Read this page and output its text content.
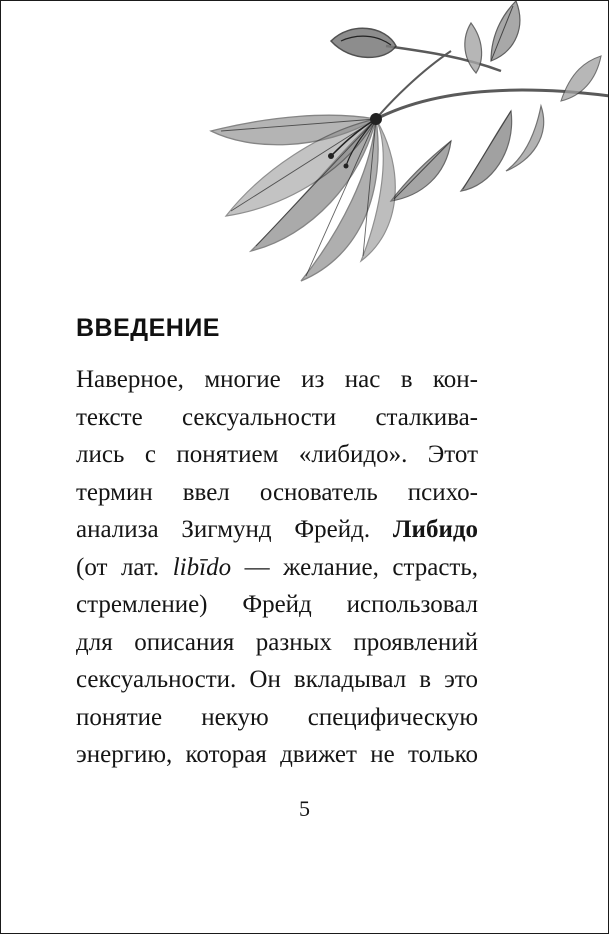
ВВЕДЕНИЕ
Наверное, многие из нас в кон-
тексте сексуальности сталкива-
лись с понятием «либидо». Этот
термин ввел основатель психо-
анализа Зигмунд Фрейд. Либидо
(от лат. libīdo — желание, страсть,
стремление) Фрейд использовал
для описания разных проявлений
сексуальности. Он вкладывал в это
понятие некую специфическую
энергию, которая движет не только
5
